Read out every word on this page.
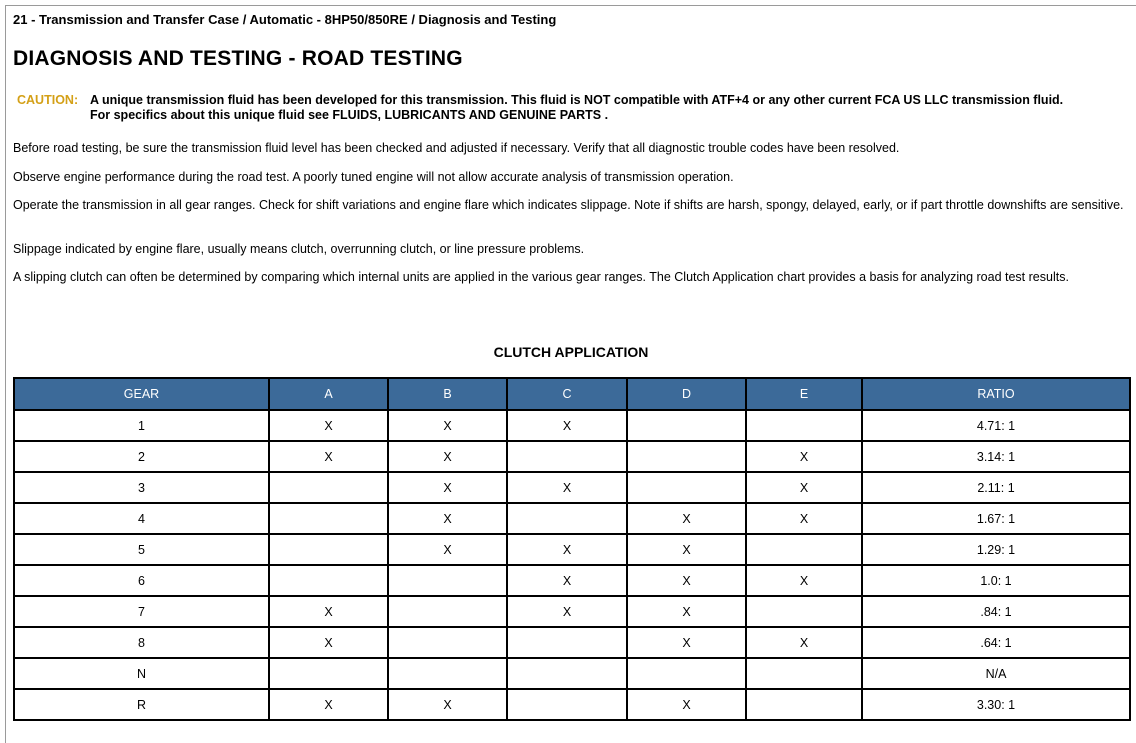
21 - Transmission and Transfer Case / Automatic - 8HP50/850RE / Diagnosis and Testing
DIAGNOSIS AND TESTING - ROAD TESTING
CAUTION: A unique transmission fluid has been developed for this transmission. This fluid is NOT compatible with ATF+4 or any other current FCA US LLC transmission fluid.
For specifics about this unique fluid see FLUIDS, LUBRICANTS AND GENUINE PARTS .

Before road testing, be sure the transmission fluid level has been checked and adjusted if necessary. Verify that all diagnostic trouble codes have been resolved.

Observe engine performance during the road test. A poorly tuned engine will not allow accurate analysis of transmission operation.

Operate the transmission in all gear ranges. Check for shift variations and engine flare which indicates slippage. Note if shifts are harsh, spongy, delayed, early, or if part throttle downshifts are sensitive.

Slippage indicated by engine flare, usually means clutch, overrunning clutch, or line pressure problems.

A slipping clutch can often be determined by comparing which internal units are applied in the various gear ranges. The Clutch Application chart provides a basis for analyzing road test results.

CLUTCH APPLICATION
GEAR	A	B	C	D	E	RATIO
1	X	X	X			4.71: 1
2	X	X			X	3.14: 1
3		X	X		X	2.11: 1
4		X		X	X	1.67: 1
5		X	X	X		1.29: 1
6			X	X	X	1.0: 1
7	X		X	X		.84: 1
8	X			X	X	.64: 1
N						N/A
R	X	X		X		3.30: 1
